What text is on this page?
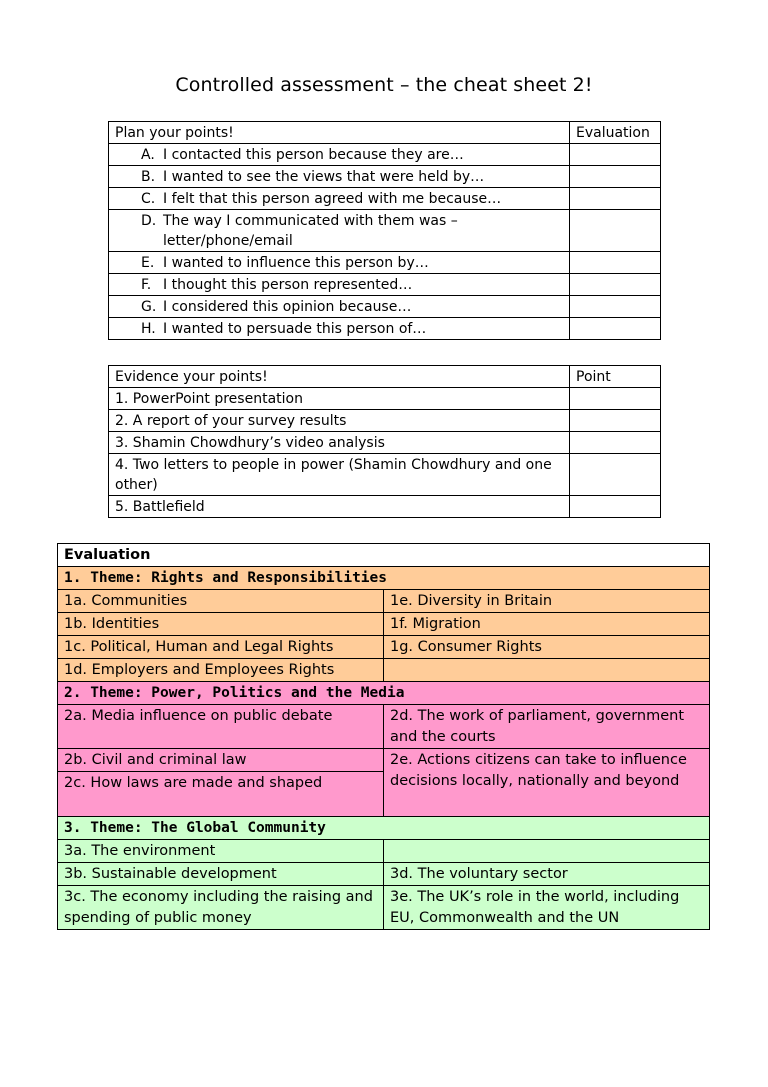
Controlled assessment – the cheat sheet 2!
Plan your points!	Evaluation

A. I contacted this person because they are…	

B. I wanted to see the views that were held by…	

C. I felt that this person agreed with me because…	

D. The way I communicated with them was – letter/phone/email	

E. I wanted to influence this person by…	

F. I thought this person represented…	

G. I considered this opinion because…	

H. I wanted to persuade this person of…	

Evidence your points!	Point
1. PowerPoint presentation	
2. A report of your survey results	
3. Shamin Chowdhury’s video analysis	
4. Two letters to people in power (Shamin Chowdhury and one other)	
5. Battlefield	
Evaluation	
1. Theme: Rights and Responsibilities	
1a. Communities	1e. Diversity in Britain
1b. Identities	1f. Migration
1c. Political, Human and Legal Rights	1g. Consumer Rights
1d. Employers and Employees Rights	
2. Theme: Power, Politics and the Media	
2a. Media influence on public debate	2d. The work of parliament, government and the courts
2b. Civil and criminal law	2e. Actions citizens can take to influence decisions locally, nationally and beyond
2c. How laws are made and shaped	
3. Theme: The Global Community	
3a. The environment	
3b. Sustainable development	3d. The voluntary sector
3c. The economy including the raising and spending of public money	3e. The UK’s role in the world, including EU, Commonwealth and the UN
